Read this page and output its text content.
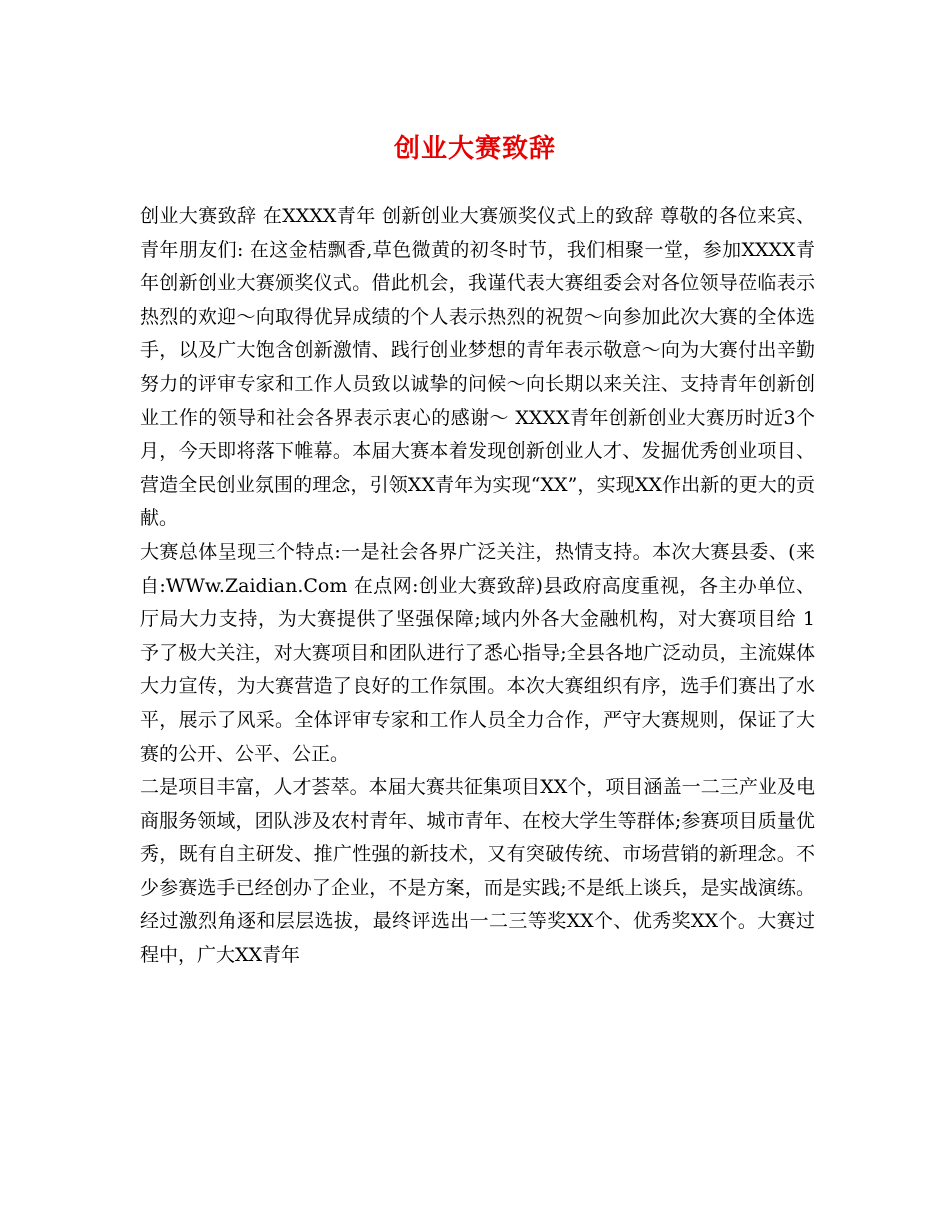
创业大赛致辞

创业大赛致辞 在XXXX青年 创新创业大赛颁奖仪式上的致辞 尊敬的各位来宾、青年朋友们: 在这金桔飘香,草色微黄的初冬时节，我们相聚一堂，参加XXXX青年创新创业大赛颁奖仪式。借此机会，我谨代表大赛组委会对各位领导莅临表示热烈的欢迎～向取得优异成绩的个人表示热烈的祝贺～向参加此次大赛的全体选手，以及广大饱含创新激情、践行创业梦想的青年表示敬意～向为大赛付出辛勤努力的评审专家和工作人员致以诚挚的问候～向长期以来关注、支持青年创新创业工作的领导和社会各界表示衷心的感谢～ XXXX青年创新创业大赛历时近3个月，今天即将落下帷幕。本届大赛本着发现创新创业人才、发掘优秀创业项目、营造全民创业氛围的理念，引领XX青年为实现“XX”，实现XX作出新的更大的贡献。

大赛总体呈现三个特点:一是社会各界广泛关注，热情支持。本次大赛县委、(来自:WWw.Zaidian.Com 在点网:创业大赛致辞)县政府高度重视，各主办单位、厅局大力支持，为大赛提供了坚强保障;域内外各大金融机构，对大赛项目给 1 予了极大关注，对大赛项目和团队进行了悉心指导;全县各地广泛动员，主流媒体大力宣传，为大赛营造了良好的工作氛围。本次大赛组织有序，选手们赛出了水平，展示了风采。全体评审专家和工作人员全力合作，严守大赛规则，保证了大 赛的公开、公平、公正。

二是项目丰富，人才荟萃。本届大赛共征集项目XX个，项目涵盖一二三产业及电商服务领域，团队涉及农村青年、城市青年、在校大学生等群体;参赛项目质量优秀，既有自主研发、推广性强的新技术，又有突破传统、市场营销的新理念。不少参赛选手已经创办了企业，不是方案，而是实践;不是纸上谈兵，是实战演练。经过激烈角逐和层层选拔，最终评选出一二三等奖XX个、优秀奖XX个。大赛过程中，广大XX青年
